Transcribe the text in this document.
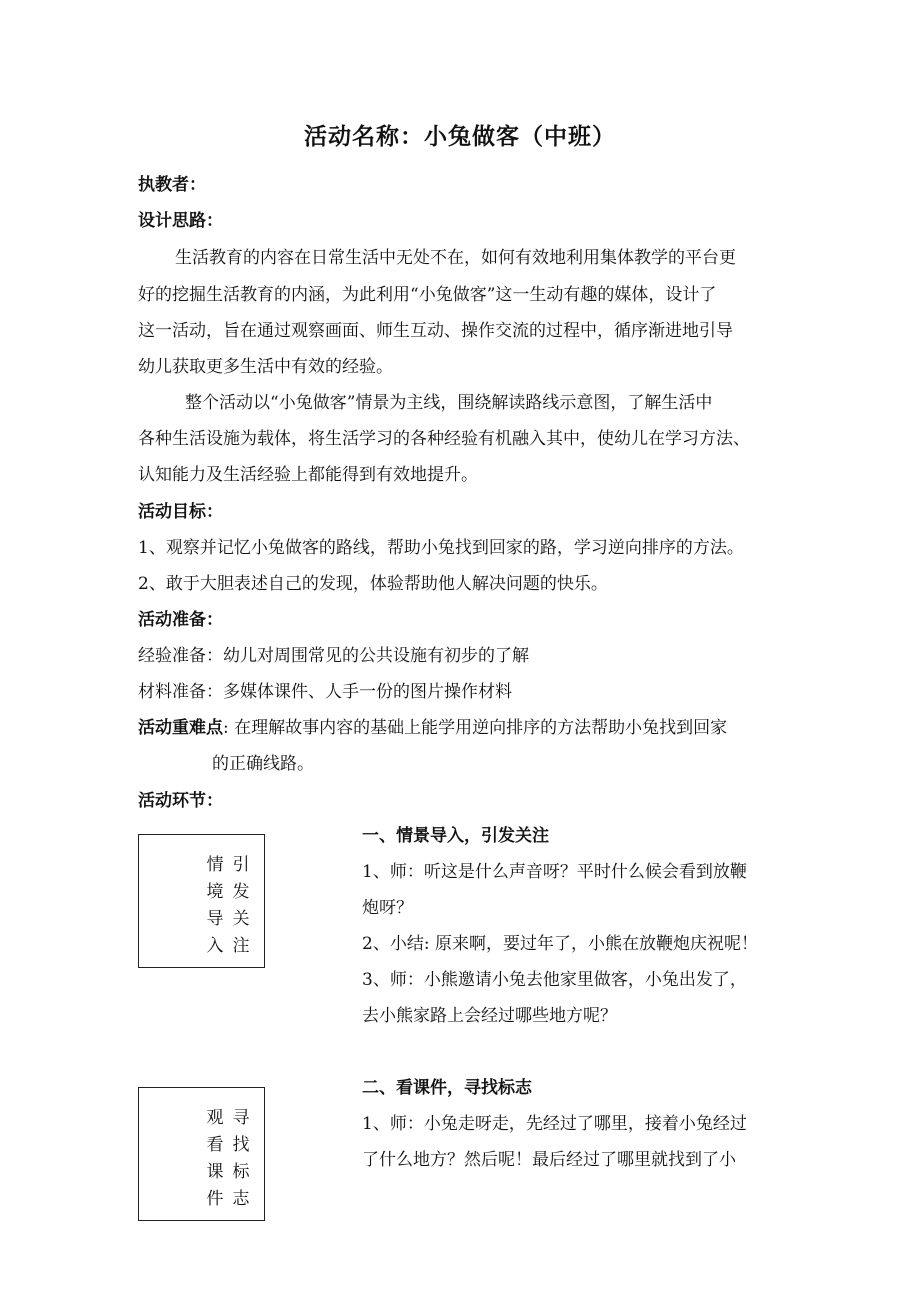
活动名称：小兔做客（中班）
执教者：
设计思路：
生活教育的内容在日常生活中无处不在，如何有效地利用集体教学的平台更
好的挖掘生活教育的内涵，为此利用“小兔做客”这一生动有趣的媒体，设计了
这一活动，旨在通过观察画面、师生互动、操作交流的过程中，循序渐进地引导
幼儿获取更多生活中有效的经验。
整个活动以“小兔做客”情景为主线，围绕解读路线示意图，了解生活中
各种生活设施为载体，将生活学习的各种经验有机融入其中，使幼儿在学习方法、
认知能力及生活经验上都能得到有效地提升。
活动目标：
1、观察并记忆小兔做客的路线，帮助小兔找到回家的路，学习逆向排序的方法。
2、敢于大胆表述自己的发现，体验帮助他人解决问题的快乐。
活动准备：
经验准备：幼儿对周围常见的公共设施有初步的了解
材料准备：多媒体课件、人手一份的图片操作材料
活动重难点: 在理解故事内容的基础上能学用逆向排序的方法帮助小兔找到回家
的正确线路。
活动环节：
情境导入
引发关注
一、情景导入，引发关注
1、师：听这是什么声音呀？平时什么候会看到放鞭
炮呀？
2、小结: 原来啊，要过年了，小熊在放鞭炮庆祝呢！
3、师：小熊邀请小兔去他家里做客，小兔出发了，
去小熊家路上会经过哪些地方呢？
观看课件
寻找标志
二、看课件，寻找标志
1、师：小兔走呀走，先经过了哪里，接着小兔经过
了什么地方？然后呢！最后经过了哪里就找到了小
